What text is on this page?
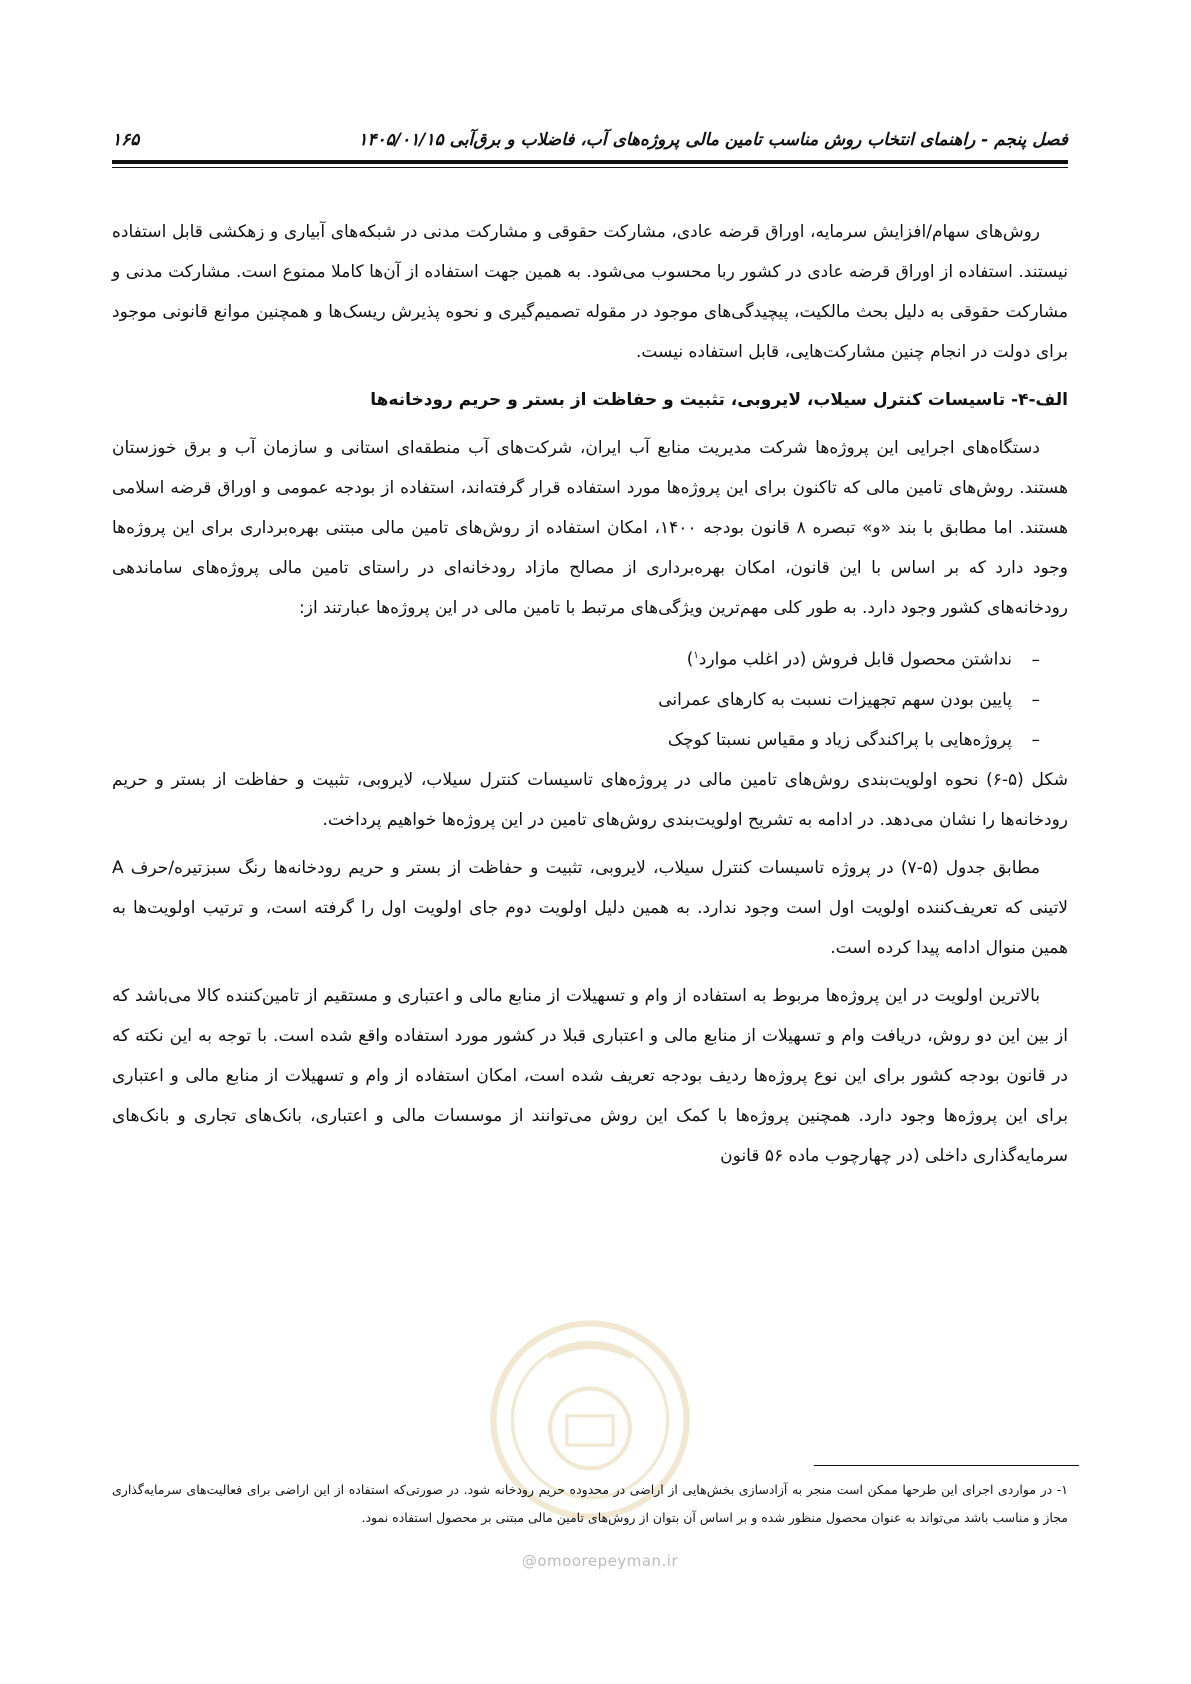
فصل پنجم - راهنمای انتخاب روش مناسب تامین مالی پروژه‌های آب، فاضلاب و برق‌آبی ۱۴۰۵/۰۱/۱۵
۱۶۵

روش‌های سهام/افزایش سرمایه، اوراق قرضه عادی، مشارکت حقوقی و مشارکت مدنی در شبکه‌های آبیاری و زهکشی قابل استفاده نیستند. استفاده از اوراق قرضه عادی در کشور ربا محسوب می‌شود. به همین جهت استفاده از آن‌ها کاملا ممنوع است. مشارکت مدنی و مشارکت حقوقی به دلیل بحث مالکیت، پیچیدگی‌های موجود در مقوله تصمیم‌گیری و نحوه پذیرش ریسک‌ها و همچنین موانع قانونی موجود برای دولت در انجام چنین مشارکت‌هایی، قابل استفاده نیست.

الف-۴- تاسیسات کنترل سیلاب، لایروبی، تثبیت و حفاظت از بستر و حریم رودخانه‌ها

دستگاه‌های اجرایی این پروژه‌ها شرکت مدیریت منابع آب ایران، شرکت‌های آب منطقه‌ای استانی و سازمان آب و برق خوزستان هستند. روش‌های تامین مالی که تاکنون برای این پروژه‌ها مورد استفاده قرار گرفته‌اند، استفاده از بودجه عمومی و اوراق قرضه اسلامی هستند. اما مطابق با بند «و» تبصره ۸ قانون بودجه ۱۴۰۰، امکان استفاده از روش‌های تامین مالی مبتنی بهره‌برداری برای این پروژه‌ها وجود دارد که بر اساس با این قانون، امکان بهره‌برداری از مصالح مازاد رودخانه‌ای در راستای تامین مالی پروژه‌های ساماندهی رودخانه‌های کشور وجود دارد. به طور کلی مهم‌ترین ویژگی‌های مرتبط با تامین مالی در این پروژه‌ها عبارتند از:

–نداشتن محصول قابل فروش (در اغلب موارد$^۱$)
–پایین بودن سهم تجهیزات نسبت به کارهای عمرانی
–پروژه‌هایی با پراکندگی زیاد و مقیاس نسبتا کوچک

شکل (۵-۶) نحوه اولویت‌بندی روش‌های تامین مالی در پروژه‌های تاسیسات کنترل سیلاب، لایروبی، تثبیت و حفاظت از بستر و حریم رودخانه‌ها را نشان می‌دهد. در ادامه به تشریح اولویت‌بندی روش‌های تامین در این پروژه‌ها خواهیم پرداخت.

مطابق جدول (۵-۷) در پروژه تاسیسات کنترل سیلاب، لایروبی، تثبیت و حفاظت از بستر و حریم رودخانه‌ها رنگ سبزتیره/حرف A لاتینی که تعریف‌کننده اولویت اول است وجود ندارد. به همین دلیل اولویت دوم جای اولویت اول را گرفته است، و ترتیب اولویت‌ها به همین منوال ادامه پیدا کرده است.

بالاترین اولویت در این پروژه‌ها مربوط به استفاده از وام و تسهیلات از منابع مالی و اعتباری و مستقیم از تامین‌کننده کالا می‌باشد که از بین این دو روش، دریافت وام و تسهیلات از منابع مالی و اعتباری قبلا در کشور مورد استفاده واقع شده است. با توجه به این نکته که در قانون بودجه کشور برای این نوع پروژه‌ها ردیف بودجه تعریف شده است، امکان استفاده از وام و تسهیلات از منابع مالی و اعتباری برای این پروژه‌ها وجود دارد. همچنین پروژه‌ها با کمک این روش می‌توانند از موسسات مالی و اعتباری، بانک‌های تجاری و بانک‌های سرمایه‌گذاری داخلی (در چهارچوب ماده ۵۶ قانون

۱- در مواردی اجرای این طرحها ممکن است منجر به آزادسازی بخش‌هایی از اراضی در محدوده حریم رودخانه شود. در صورتی‌که استفاده از این اراضی برای فعالیت‌های سرمایه‌گذاری مجاز و مناسب باشد می‌تواند به عنوان محصول منظور شده و بر اساس آن بتوان از روش‌های تامین مالی مبتنی بر محصول استفاده نمود.
@omoorepeyman.ir
